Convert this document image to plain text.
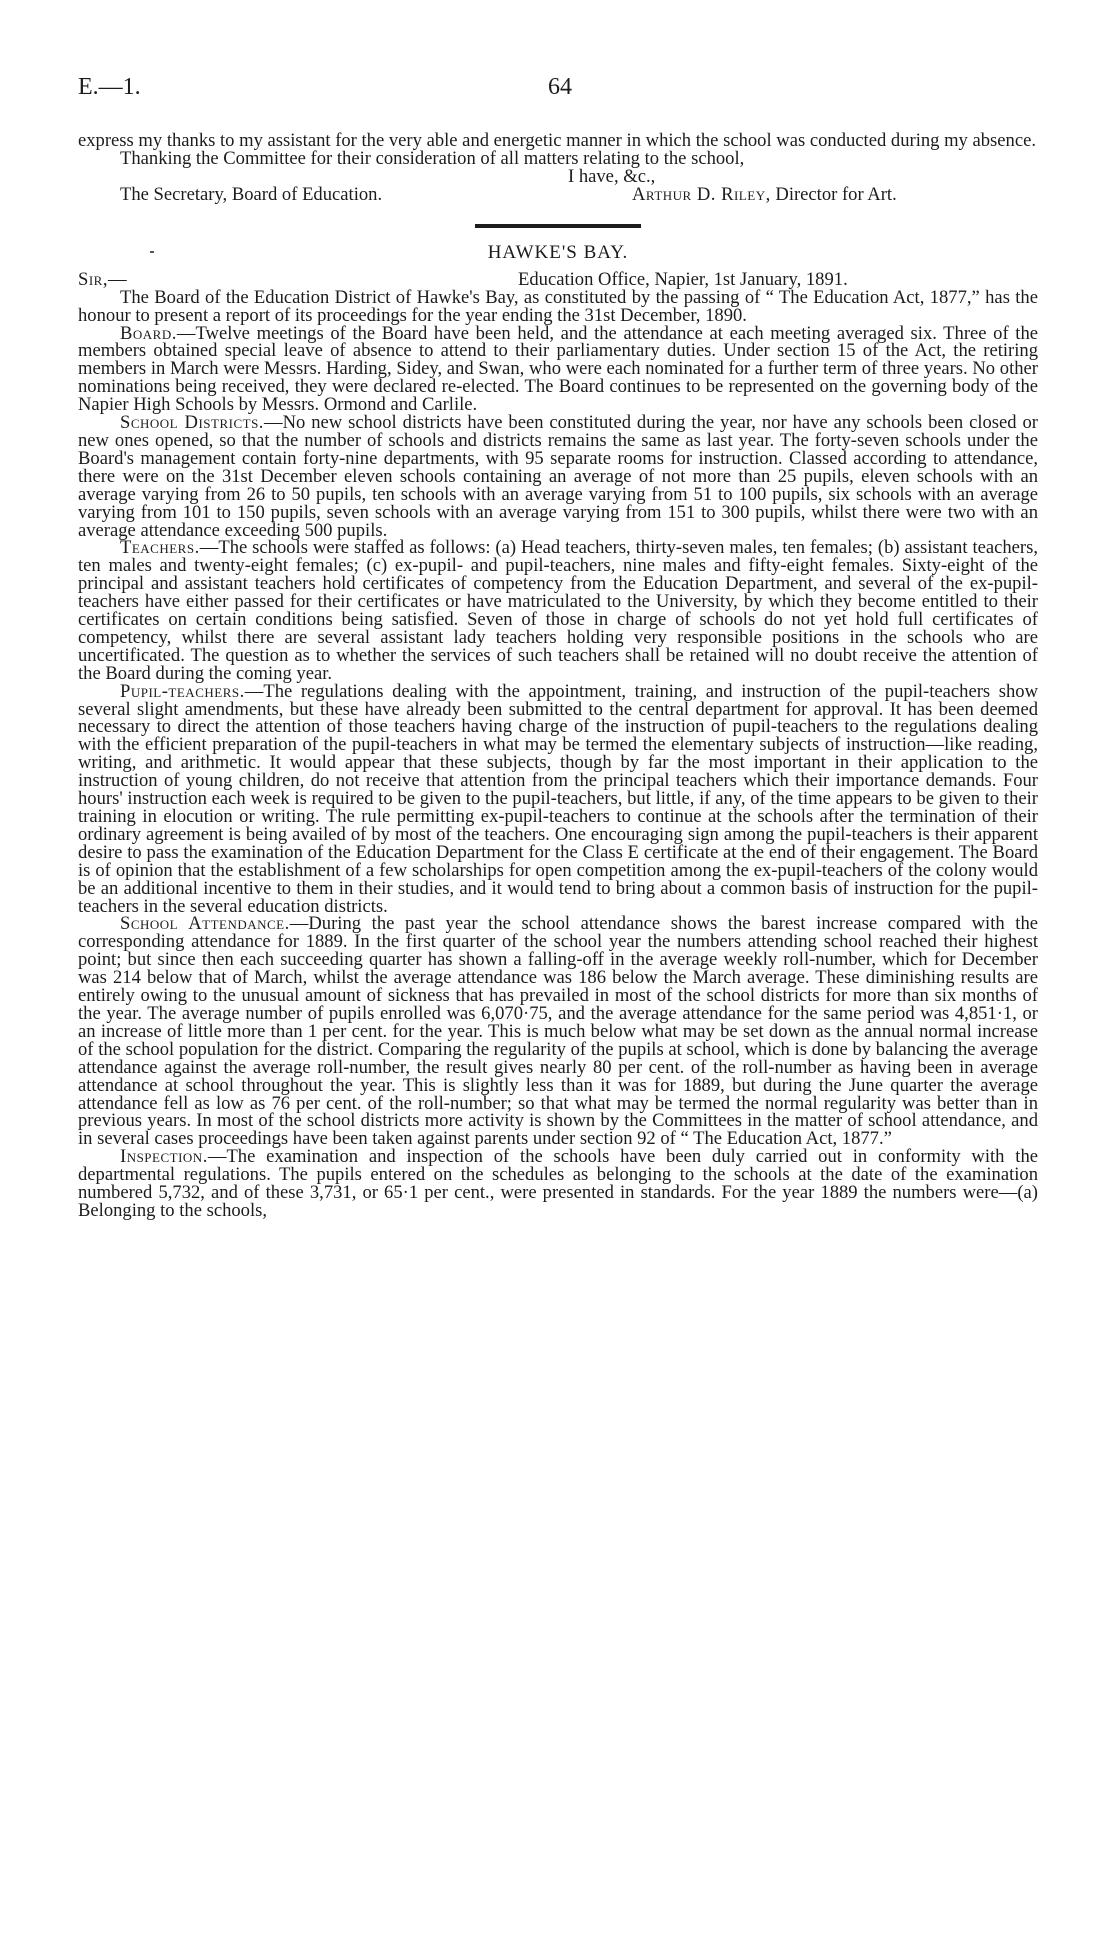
E.—1.	64

express my thanks to my assistant for the very able and energetic manner in which the school was conducted during my absence.

Thanking the Committee for their consideration of all matters relating to the school,

I have, &c.,
The Secretary, Board of Education.	Arthur D. Riley, Director for Art.

HAWKE'S BAY.

Sir,—	Education Office, Napier, 1st January, 1891.

The Board of the Education District of Hawke's Bay, as constituted by the passing of “ The Education Act, 1877,” has the honour to present a report of its proceedings for the year ending the 31st December, 1890.

Board.—Twelve meetings of the Board have been held, and the attendance at each meeting averaged six. Three of the members obtained special leave of absence to attend to their parliamentary duties. Under section 15 of the Act, the retiring members in March were Messrs. Harding, Sidey, and Swan, who were each nominated for a further term of three years. No other nominations being received, they were declared re-elected. The Board continues to be represented on the governing body of the Napier High Schools by Messrs. Ormond and Carlile.

School Districts.—No new school districts have been constituted during the year, nor have any schools been closed or new ones opened, so that the number of schools and districts remains the same as last year. The forty-seven schools under the Board's management contain forty-nine departments, with 95 separate rooms for instruction. Classed according to attendance, there were on the 31st December eleven schools containing an average of not more than 25 pupils, eleven schools with an average varying from 26 to 50 pupils, ten schools with an average varying from 51 to 100 pupils, six schools with an average varying from 101 to 150 pupils, seven schools with an average varying from 151 to 300 pupils, whilst there were two with an average attendance exceeding 500 pupils.

Teachers.—The schools were staffed as follows: (a) Head teachers, thirty-seven males, ten females; (b) assistant teachers, ten males and twenty-eight females; (c) ex-pupil- and pupil-teachers, nine males and fifty-eight females. Sixty-eight of the principal and assistant teachers hold certificates of competency from the Education Department, and several of the ex-pupil-teachers have either passed for their certificates or have matriculated to the University, by which they become entitled to their certificates on certain conditions being satisfied. Seven of those in charge of schools do not yet hold full certificates of competency, whilst there are several assistant lady teachers holding very responsible positions in the schools who are uncertificated. The question as to whether the services of such teachers shall be retained will no doubt receive the attention of the Board during the coming year.

Pupil-teachers.—The regulations dealing with the appointment, training, and instruction of the pupil-teachers show several slight amendments, but these have already been submitted to the central department for approval. It has been deemed necessary to direct the attention of those teachers having charge of the instruction of pupil-teachers to the regulations dealing with the efficient preparation of the pupil-teachers in what may be termed the elementary subjects of instruction—like reading, writing, and arithmetic. It would appear that these subjects, though by far the most important in their application to the instruction of young children, do not receive that attention from the principal teachers which their importance demands. Four hours' instruction each week is required to be given to the pupil-teachers, but little, if any, of the time appears to be given to their training in elocution or writing. The rule permitting ex-pupil-teachers to continue at the schools after the termination of their ordinary agreement is being availed of by most of the teachers. One encouraging sign among the pupil-teachers is their apparent desire to pass the examination of the Education Department for the Class E certificate at the end of their engagement. The Board is of opinion that the establishment of a few scholarships for open competition among the ex-pupil-teachers of the colony would be an additional incentive to them in their studies, and it would tend to bring about a common basis of instruction for the pupil-teachers in the several education districts.

School Attendance.—During the past year the school attendance shows the barest increase compared with the corresponding attendance for 1889. In the first quarter of the school year the numbers attending school reached their highest point; but since then each succeeding quarter has shown a falling-off in the average weekly roll-number, which for December was 214 below that of March, whilst the average attendance was 186 below the March average. These diminishing results are entirely owing to the unusual amount of sickness that has prevailed in most of the school districts for more than six months of the year. The average number of pupils enrolled was 6,070·75, and the average attendance for the same period was 4,851·1, or an increase of little more than 1 per cent. for the year. This is much below what may be set down as the annual normal increase of the school population for the district. Comparing the regularity of the pupils at school, which is done by balancing the average attendance against the average roll-number, the result gives nearly 80 per cent. of the roll-number as having been in average attendance at school throughout the year. This is slightly less than it was for 1889, but during the June quarter the average attendance fell as low as 76 per cent. of the roll-number; so that what may be termed the normal regularity was better than in previous years. In most of the school districts more activity is shown by the Committees in the matter of school attendance, and in several cases proceedings have been taken against parents under section 92 of “ The Education Act, 1877.”

Inspection.—The examination and inspection of the schools have been duly carried out in conformity with the departmental regulations. The pupils entered on the schedules as belonging to the schools at the date of the examination numbered 5,732, and of these 3,731, or 65·1 per cent., were presented in standards. For the year 1889 the numbers were—(a) Belonging to the schools,
